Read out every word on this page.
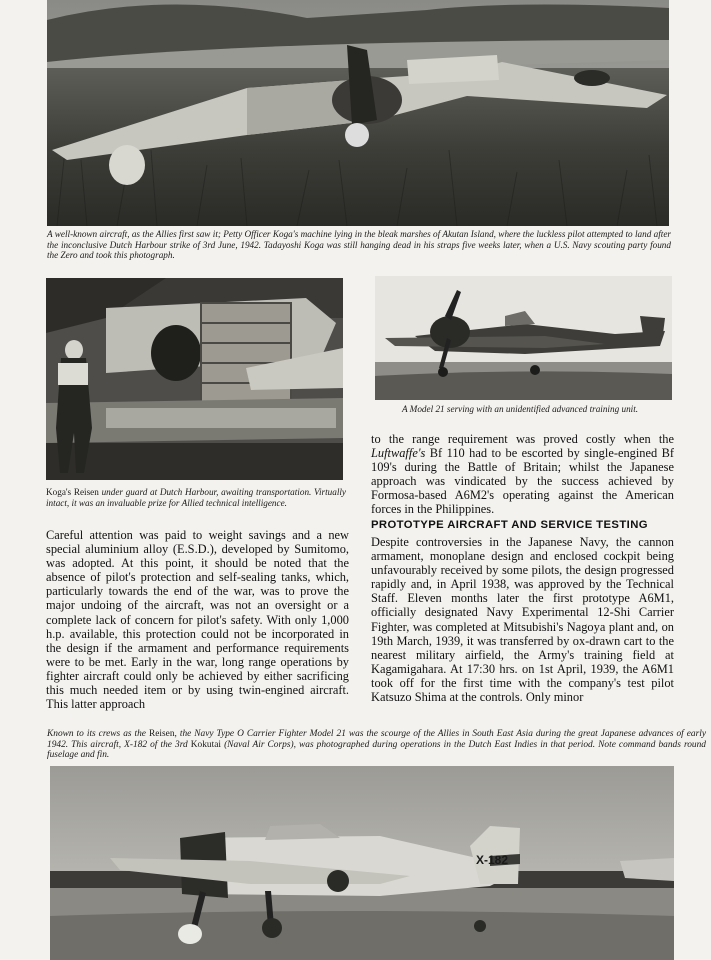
A well-known aircraft, as the Allies first saw it; Petty Officer Koga's machine lying in the bleak marshes of Akutan Island, where the luckless pilot attempted to land after the inconclusive Dutch Harbour strike of 3rd June, 1942. Tadayoshi Koga was still hanging dead in his straps five weeks later, when a U.S. Navy scouting party found the Zero and took this photograph.
Koga's Reisen under guard at Dutch Harbour, awaiting transportation. Virtually intact, it was an invaluable prize for Allied technical intelligence.
A Model 21 serving with an unidentified advanced training unit.

Careful attention was paid to weight savings and a new special aluminium alloy (E.S.D.), developed by Sumitomo, was adopted. At this point, it should be noted that the absence of pilot's protection and self-sealing tanks, which, particularly towards the end of the war, was to prove the major undoing of the aircraft, was not an oversight or a complete lack of concern for pilot's safety. With only 1,000 h.p. available, this protection could not be incorporated in the design if the armament and performance requirements were to be met. Early in the war, long range operations by fighter aircraft could only be achieved by either sacrificing this much needed item or by using twin-engined aircraft. This latter approach

to the range requirement was proved costly when the Luftwaffe's Bf 110 had to be escorted by single-engined Bf 109's during the Battle of Britain; whilst the Japanese approach was vindicated by the success achieved by Formosa-based A6M2's operating against the American forces in the Philippines.

PROTOTYPE AIRCRAFT AND SERVICE TESTING

Despite controversies in the Japanese Navy, the cannon armament, monoplane design and enclosed cockpit being unfavourably received by some pilots, the design progressed rapidly and, in April 1938, was approved by the Technical Staff. Eleven months later the first prototype A6M1, officially designated Navy Experimental 12-Shi Carrier Fighter, was completed at Mitsubishi's Nagoya plant and, on 19th March, 1939, it was transferred by ox-drawn cart to the nearest military airfield, the Army's training field at Kagamigahara. At 17:30 hrs. on 1st April, 1939, the A6M1 took off for the first time with the company's test pilot Katsuzo Shima at the controls. Only minor

Known to its crews as the Reisen, the Navy Type O Carrier Fighter Model 21 was the scourge of the Allies in South East Asia during the great Japanese advances of early 1942. This aircraft, X-182 of the 3rd Kokutai (Naval Air Corps), was photographed during operations in the Dutch East Indies in that period. Note command bands round fuselage and fin.
X-182
